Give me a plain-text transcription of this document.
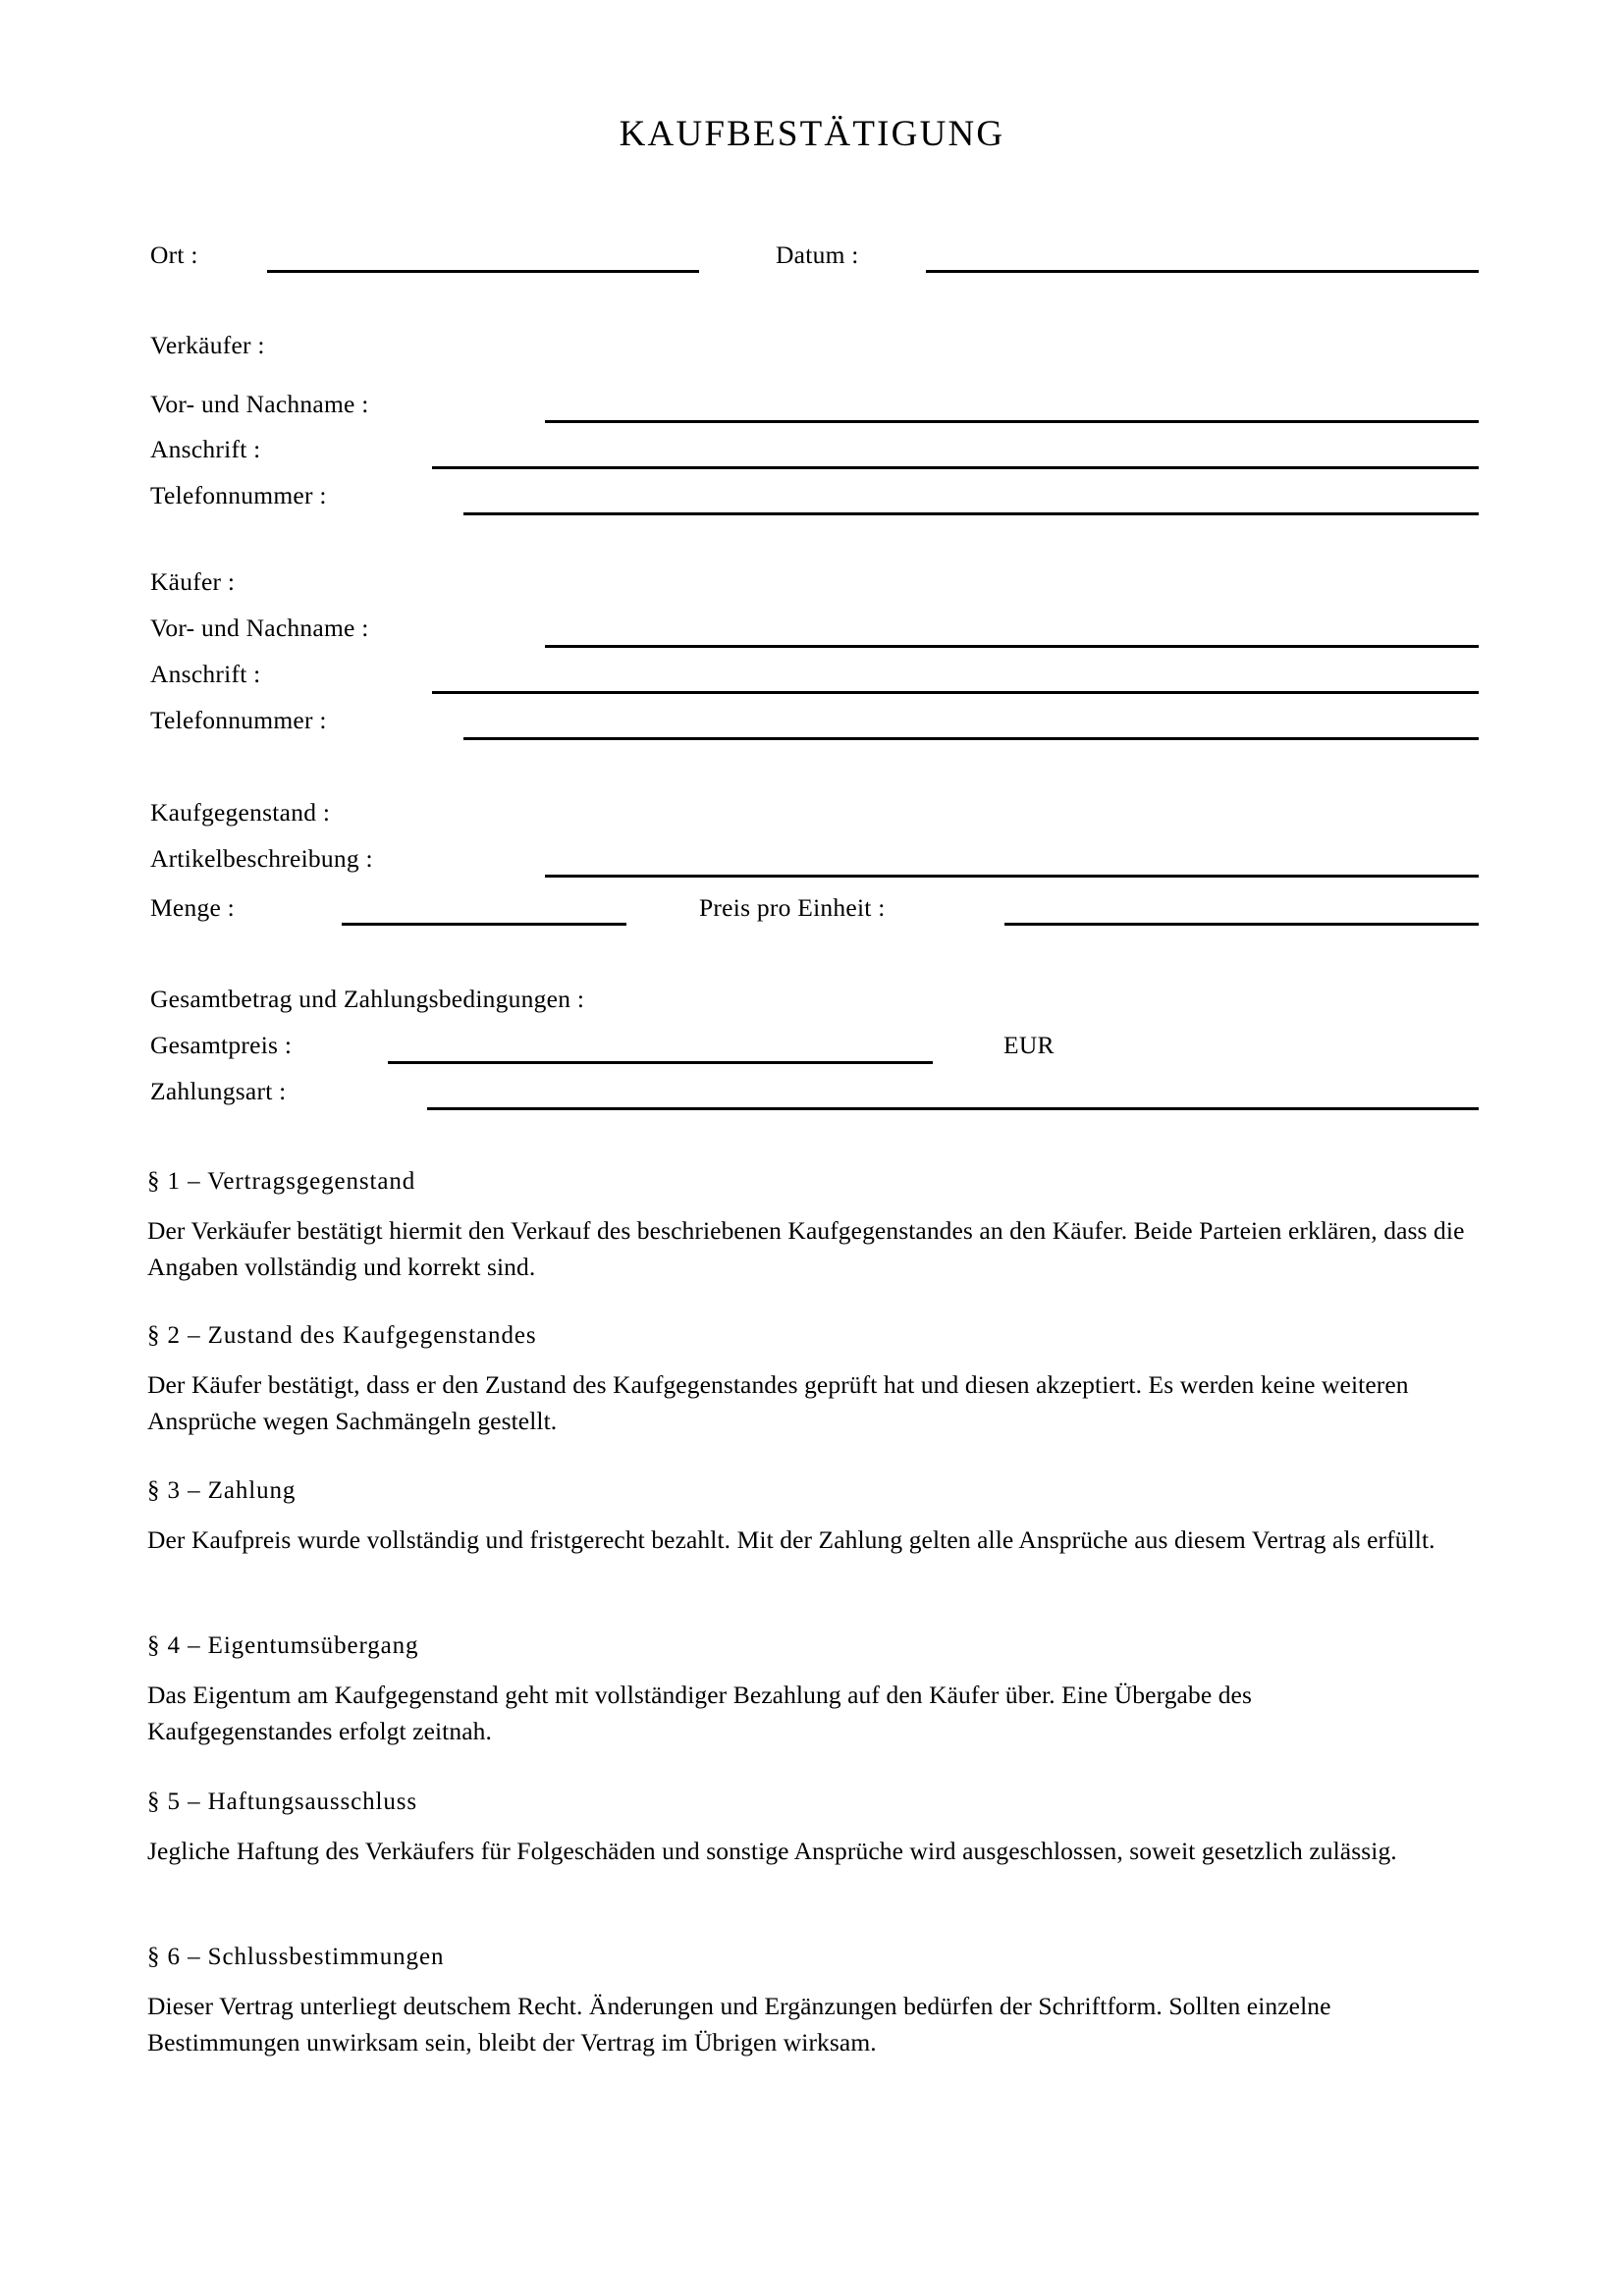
KAUFBESTÄTIGUNG
Ort :	Datum :
Verkäufer :
Vor- und Nachname :
Anschrift :
Telefonnummer :
Käufer :
Vor- und Nachname :
Anschrift :
Telefonnummer :
Kaufgegenstand :
Artikelbeschreibung :
Menge :	Preis pro Einheit :
Gesamtbetrag und Zahlungsbedingungen :
Gesamtpreis :	EUR
Zahlungsart :
§ 1 – Vertragsgegenstand
Der Verkäufer bestätigt hiermit den Verkauf des beschriebenen Kaufgegenstandes an den Käufer. Beide Parteien erklären, dass die Angaben vollständig und korrekt sind.
§ 2 – Zustand des Kaufgegenstandes
Der Käufer bestätigt, dass er den Zustand des Kaufgegenstandes geprüft hat und diesen akzeptiert. Es werden keine weiteren Ansprüche wegen Sachmängeln gestellt.
§ 3 – Zahlung
Der Kaufpreis wurde vollständig und fristgerecht bezahlt. Mit der Zahlung gelten alle Ansprüche aus diesem Vertrag als erfüllt.
§ 4 – Eigentumsübergang
Das Eigentum am Kaufgegenstand geht mit vollständiger Bezahlung auf den Käufer über. Eine Übergabe des Kaufgegenstandes erfolgt zeitnah.
§ 5 – Haftungsausschluss
Jegliche Haftung des Verkäufers für Folgeschäden und sonstige Ansprüche wird ausgeschlossen, soweit gesetzlich zulässig.
§ 6 – Schlussbestimmungen
Dieser Vertrag unterliegt deutschem Recht. Änderungen und Ergänzungen bedürfen der Schriftform. Sollten einzelne Bestimmungen unwirksam sein, bleibt der Vertrag im Übrigen wirksam.
